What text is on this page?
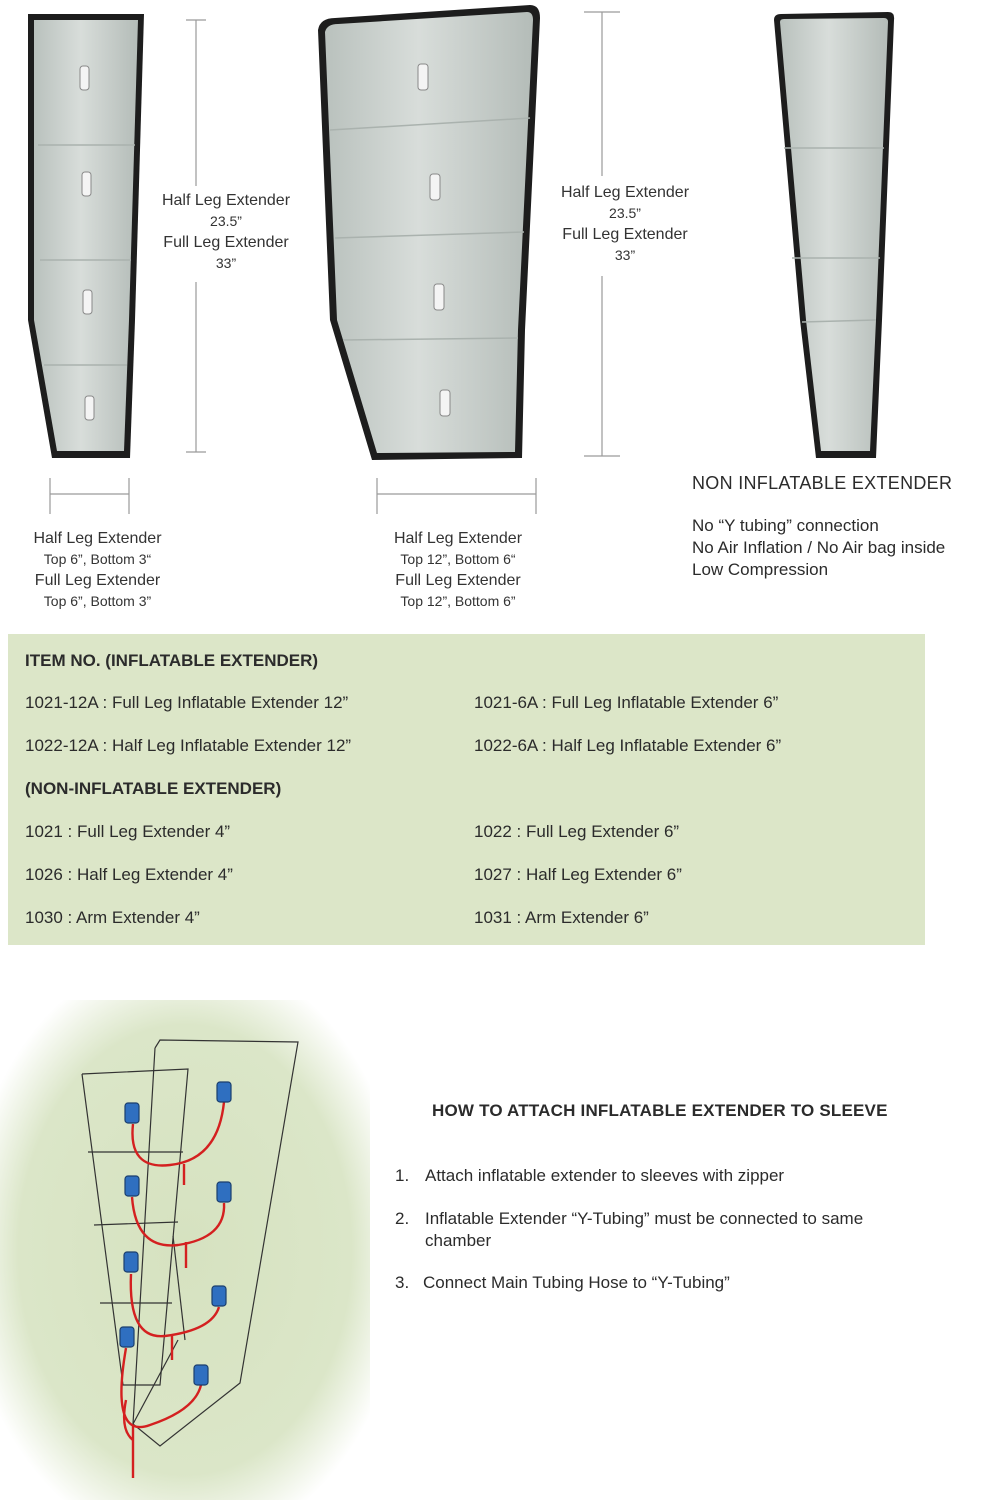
Half Leg Extender
23.5”
Full Leg Extender
33”
Half Leg Extender
23.5”
Full Leg Extender
33”
Half Leg Extender
Top 6”, Bottom 3“
Full Leg Extender
Top 6”, Bottom 3”
Half Leg Extender
Top 12”, Bottom 6“
Full Leg Extender
Top 12”, Bottom 6”
NON INFLATABLE EXTENDER
No “Y tubing” connection
No Air Inflation / No Air bag inside
Low Compression
ITEM NO. (INFLATABLE EXTENDER)
1021-12A : Full Leg Inflatable Extender 12”	1021-6A : Full Leg Inflatable Extender 6”
1022-12A : Half Leg Inflatable Extender 12”	1022-6A : Half Leg Inflatable Extender 6”
(NON-INFLATABLE EXTENDER)
1021 : Full Leg Extender 4”	1022 : Full Leg Extender 6”
1026 : Half Leg Extender 4”	1027 : Half Leg Extender 6”
1030 : Arm Extender 4”	1031 : Arm Extender 6”
HOW TO ATTACH INFLATABLE EXTENDER TO SLEEVE
1. Attach inflatable extender to sleeves with zipper
2. Inflatable Extender “Y-Tubing” must be connected to same
chamber
3. Connect Main Tubing Hose to “Y-Tubing”
